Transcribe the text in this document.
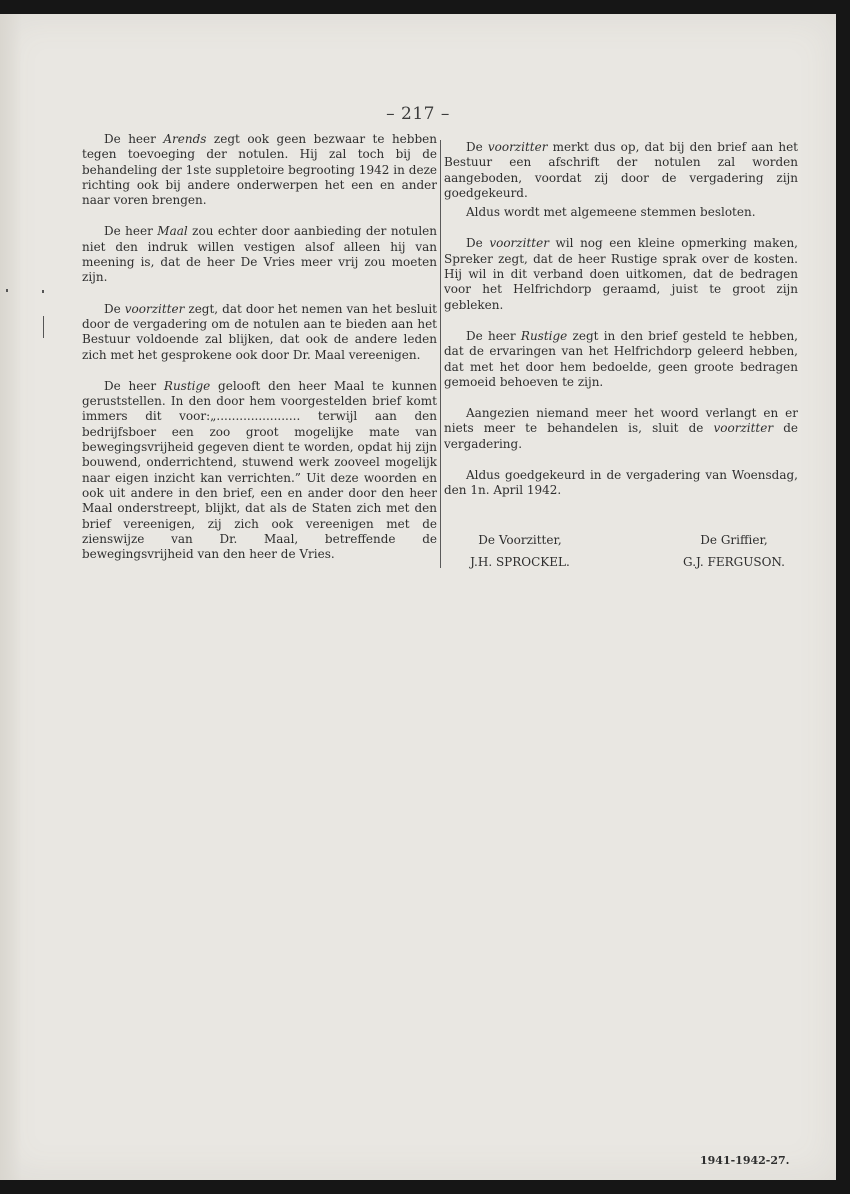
– 217 –

De heer Arends zegt ook geen bezwaar te hebben tegen toevoeging der notulen. Hij zal toch bij de behandeling der 1ste suppletoire begrooting 1942 in deze richting ook bij andere onderwerpen het een en ander naar voren brengen.

De heer Maal zou echter door aanbieding der notulen niet den indruk willen vestigen alsof alleen hij van meening is, dat de heer De Vries meer vrij zou moeten zijn.

De voorzitter zegt, dat door het nemen van het besluit door de vergadering om de notulen aan te bieden aan het Bestuur voldoende zal blijken, dat ook de andere leden zich met het gesprokene ook door Dr. Maal vereenigen.

De heer Rustige gelooft den heer Maal te kunnen geruststellen. In den door hem voorgestelden brief komt immers dit voor:„...................... terwijl aan den bedrijfsboer een zoo groot mogelijke mate van bewegingsvrijheid gegeven dient te worden, opdat hij zijn bouwend, onderrichtend, stuwend werk zooveel mogelijk naar eigen inzicht kan verrichten.” Uit deze woorden en ook uit andere in den brief, een en ander door den heer Maal onderstreept, blijkt, dat als de Staten zich met den brief vereenigen, zij zich ook vereenigen met de zienswijze van Dr. Maal, betreffende de bewegingsvrijheid van den heer de Vries.

De voorzitter merkt dus op, dat bij den brief aan het Bestuur een afschrift der notulen zal worden aangeboden, voordat zij door de vergadering zijn goedgekeurd.

Aldus wordt met algemeene stemmen besloten.

De voorzitter wil nog een kleine opmerking maken, Spreker zegt, dat de heer Rustige sprak over de kosten. Hij wil in dit verband doen uitkomen, dat de bedragen voor het Helfrichdorp geraamd, juist te groot zijn gebleken.

De heer Rustige zegt in den brief gesteld te hebben, dat de ervaringen van het Helfrichdorp geleerd hebben, dat met het door hem bedoelde, geen groote bedragen gemoeid behoeven te zijn.

Aangezien niemand meer het woord verlangt en er niets meer te behandelen is, sluit de voorzitter de vergadering.

Aldus goedgekeurd in de vergadering van Woensdag, den 1n. April 1942.

De Voorzitter,
J.H. SPROCKEL.
De Griffier,
G.J. FERGUSON.
1941-1942-27.
